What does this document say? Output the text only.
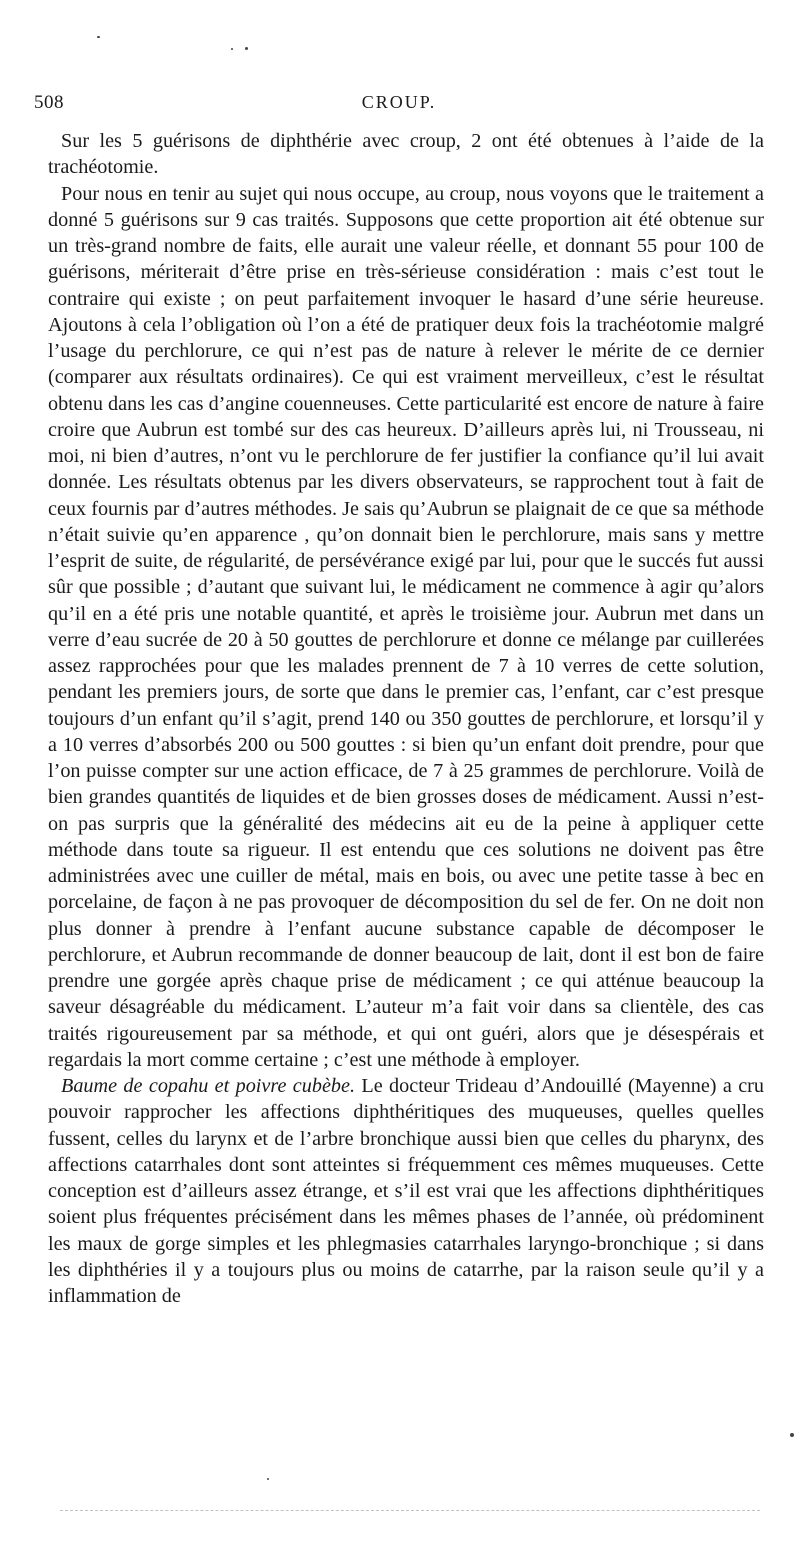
508	CROUP.

Sur les 5 guérisons de diphthérie avec croup, 2 ont été obtenues à l’aide de la trachéotomie.

Pour nous en tenir au sujet qui nous occupe, au croup, nous voyons que le traitement a donné 5 guérisons sur 9 cas traités. Supposons que cette proportion ait été obtenue sur un très-grand nombre de faits, elle aurait une valeur réelle, et donnant 55 pour 100 de guérisons, mériterait d’être prise en très-sérieuse considération : mais c’est tout le contraire qui existe ; on peut parfaitement invoquer le hasard d’une série heureuse. Ajoutons à cela l’obligation où l’on a été de pratiquer deux fois la trachéotomie malgré l’usage du perchlorure, ce qui n’est pas de nature à relever le mérite de ce dernier (comparer aux résultats ordinaires). Ce qui est vraiment merveilleux, c’est le résultat obtenu dans les cas d’angine couenneuses. Cette particularité est encore de nature à faire croire que Aubrun est tombé sur des cas heureux. D’ailleurs après lui, ni Trousseau, ni moi, ni bien d’autres, n’ont vu le perchlorure de fer justifier la confiance qu’il lui avait donnée. Les résultats obtenus par les divers observateurs, se rapprochent tout à fait de ceux fournis par d’autres méthodes. Je sais qu’Aubrun se plaignait de ce que sa méthode n’était suivie qu’en apparence , qu’on donnait bien le perchlorure, mais sans y mettre l’esprit de suite, de régularité, de persévérance exigé par lui, pour que le succés fut aussi sûr que possible ; d’autant que suivant lui, le médicament ne commence à agir qu’alors qu’il en a été pris une notable quantité, et après le troisième jour. Aubrun met dans un verre d’eau sucrée de 20 à 50 gouttes de perchlorure et donne ce mélange par cuillerées assez rapprochées pour que les malades prennent de 7 à 10 verres de cette solution, pendant les premiers jours, de sorte que dans le premier cas, l’enfant, car c’est presque toujours d’un enfant qu’il s’agit, prend 140 ou 350 gouttes de perchlorure, et lorsqu’il y a 10 verres d’absorbés 200 ou 500 gouttes : si bien qu’un enfant doit prendre, pour que l’on puisse compter sur une action efficace, de 7 à 25 grammes de perchlorure. Voilà de bien grandes quantités de liquides et de bien grosses doses de médicament. Aussi n’est-on pas surpris que la généralité des médecins ait eu de la peine à appliquer cette méthode dans toute sa rigueur. Il est entendu que ces solutions ne doivent pas être administrées avec une cuiller de métal, mais en bois, ou avec une petite tasse à bec en porcelaine, de façon à ne pas provoquer de décomposition du sel de fer. On ne doit non plus donner à prendre à l’enfant aucune substance capable de décomposer le perchlorure, et Aubrun recommande de donner beaucoup de lait, dont il est bon de faire prendre une gorgée après chaque prise de médicament ; ce qui atténue beaucoup la saveur désagréable du médicament. L’auteur m’a fait voir dans sa clientèle, des cas traités rigoureusement par sa méthode, et qui ont guéri, alors que je désespérais et regardais la mort comme certaine ; c’est une méthode à employer.

Baume de copahu et poivre cubèbe. Le docteur Trideau d’Andouillé (Mayenne) a cru pouvoir rapprocher les affections diphthéritiques des muqueuses, quelles quelles fussent, celles du larynx et de l’arbre bronchique aussi bien que celles du pharynx, des affections catarrhales dont sont atteintes si fréquemment ces mêmes muqueuses. Cette conception est d’ailleurs assez étrange, et s’il est vrai que les affections diphthéritiques soient plus fréquentes précisément dans les mêmes phases de l’année, où prédominent les maux de gorge simples et les phlegmasies catarrhales laryngo-bronchique ; si dans les diphthéries il y a toujours plus ou moins de catarrhe, par la raison seule qu’il y a inflammation de
